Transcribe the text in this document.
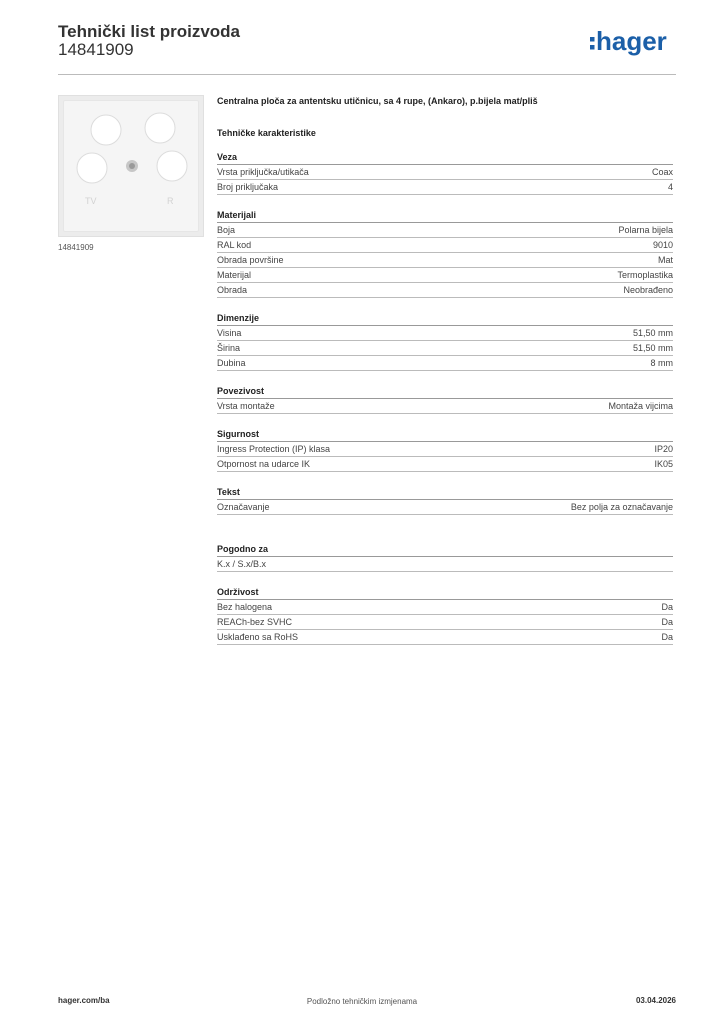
Tehnički list proizvoda
14841909	hager
TV	R
14841909
Centralna ploča za antentsku utičnicu, sa 4 rupe, (Ankaro), p.bijela mat/pliš
Tehničke karakteristike
Veza
Vrsta priključka/utikača	Coax
Broj priključaka	4
Materijali
Boja	Polarna bijela
RAL kod	9010
Obrada površine	Mat
Materijal	Termoplastika
Obrada	Neobrađeno
Dimenzije
Visina	51,50 mm
Širina	51,50 mm
Dubina	8 mm
Povezivost
Vrsta montaže	Montaža vijcima
Sigurnost
Ingress Protection (IP) klasa	IP20
Otpornost na udarce IK	IK05
Tekst
Označavanje	Bez polja za označavanje
Pogodno za
K.x / S.x/B.x
Održivost
Bez halogena	Da
REACh-bez SVHC	Da
Usklađeno sa RoHS	Da
hager.com/ba	Podložno tehničkim izmjenama	03.04.2026
